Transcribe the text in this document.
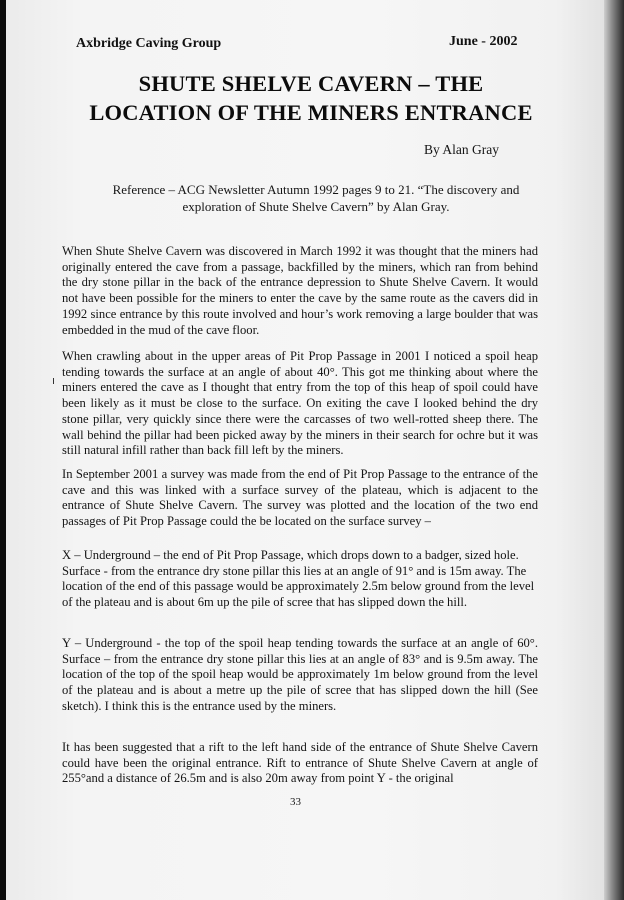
Axbridge Caving Group	June - 2002
SHUTE SHELVE CAVERN – THE
LOCATION OF THE MINERS ENTRANCE
By Alan Gray
Reference – ACG Newsletter Autumn 1992 pages 9 to 21. “The discovery and
exploration of Shute Shelve Cavern” by Alan Gray.

When Shute Shelve Cavern was discovered in March 1992 it was thought that the miners had originally entered the cave from a passage, backfilled by the miners, which ran from behind the dry stone pillar in the back of the entrance depression to Shute Shelve Cavern. It would not have been possible for the miners to enter the cave by the same route as the cavers did in 1992 since entrance by this route involved and hour’s work removing a large boulder that was embedded in the mud of the cave floor.

When crawling about in the upper areas of Pit Prop Passage in 2001 I noticed a spoil heap tending towards the surface at an angle of about 40°. This got me thinking about where the miners entered the cave as I thought that entry from the top of this heap of spoil could have been likely as it must be close to the surface. On exiting the cave I looked behind the dry stone pillar, very quickly since there were the carcasses of two well-rotted sheep there. The wall behind the pillar had been picked away by the miners in their search for ochre but it was still natural infill rather than back fill left by the miners.

In September 2001 a survey was made from the end of Pit Prop Passage to the entrance of the cave and this was linked with a surface survey of the plateau, which is adjacent to the entrance of Shute Shelve Cavern. The survey was plotted and the location of the two end passages of Pit Prop Passage could the be located on the surface survey –

X – Underground – the end of Pit Prop Passage, which drops down to a badger, sized hole. Surface - from the entrance dry stone pillar this lies at an angle of 91° and is 15m away. The location of the end of this passage would be approximately 2.5m below ground from the level of the plateau and is about 6m up the pile of scree that has slipped down the hill.

Y – Underground - the top of the spoil heap tending towards the surface at an angle of 60°. Surface – from the entrance dry stone pillar this lies at an angle of 83° and is 9.5m away. The location of the top of the spoil heap would be approximately 1m below ground from the level of the plateau and is about a metre up the pile of scree that has slipped down the hill (See sketch). I think this is the entrance used by the miners.

It has been suggested that a rift to the left hand side of the entrance of Shute Shelve Cavern could have been the original entrance. Rift to entrance of Shute Shelve Cavern at angle of 255°and a distance of 26.5m and is also 20m away from point Y - the original

33
